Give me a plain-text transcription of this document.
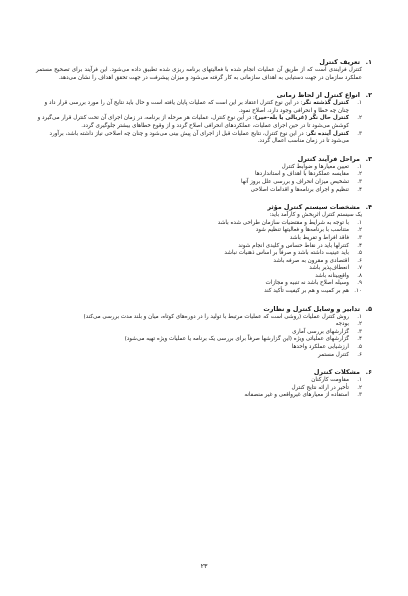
۱.
تعریف کنترل
کنترل فرایندی است که از طریق آن عملیات انجام شده با فعالیتهای برنامه ریزی شده تطبیق داده می‌شود. این فرآیند برای تصحیح مستمر عملکرد سازمان در جهت دستیابی به اهداف سازمانی به کار گرفته می‌شود و میزان پیشرفت در جهت تحقق اهداف را نشان می‌دهد.
۲.
انواع کنترل از لحاظ زمانی
۱.
کنترل گذشته نگر: در این نوع کنترل اعتقاد بر این است که عملیات پایان یافته است و حال باید نتایج آن را مورد بررسی قرار داد و چنان چه خطا و انحرافی وجود دارد، اصلاح نمود.
۲.
کنترل حال نگر (غربالی یا بله-خیر): در این نوع کنترل، عملیات هر مرحله از برنامه، در زمان اجرای آن تحت کنترل قرار می‌گیرد و کوشش می‌شود تا در حین اجرای عملیات، عملکردهای انحرافی اصلاح گردد و از وقوع خطاهای بیشتر جلوگیری گردد.
۳.
کنترل آینده نگر: در این نوع کنترل، نتایج عملیات قبل از اجرای آن پیش بینی می‌شود و چنان چه اصلاحی نیاز داشته باشد، برآورد می‌شود تا در زمان مناسب اعمال گردد.
۳.
مراحل فرآیند کنترل
۱.
تعیین معیارها و ضوابط کنترل
۲.
مقایسه عملکردها با اهداف و استانداردها
۳.
تشخیص میزان انحراف و بررسی علل بروز آنها
۴.
تنظیم و اجرای برنامه‌ها و اقدامات اصلاحی
۴.
مشخصات سیستم کنترل مؤثر
یک سیستم کنترل اثربخش و کارآمد باید:
۱.
با توجه به شرایط و مقتضیات سازمان طراحی شده باشد
۲.
متناسب با برنامه‌ها و فعالیتها تنظیم شود
۳.
فاقد افراط و تفریط باشد
۴.
کنترلها باید در نقاط حساس و کلیدی انجام شوند
۵.
باید عینیت داشته باشد و صرفاً بر اساس ذهنیات نباشد
۶.
اقتصادی و مقرون به صرفه باشد
۷.
انعطاف‌پذیر باشد
۸.
واقع‌بینانه باشد
۹.
وسیله اصلاح باشد نه تنبیه و مجازات
۱۰.
هم بر کمیت و هم بر کیفیت تأکید کند
۵.
تدابیر و وسایل کنترل و نظارت
۱.
روش کنترل عملیات (روشی است که عملیات مرتبط با تولید را در دوره‌های کوتاه، میان و بلند مدت بررسی می‌کند)
۲.
بودجه
۳.
گزارشهای بررسی آماری
۴.
گزارشهای عملیاتی ویژه (این گزارشها صرفاً برای بررسی یک برنامه یا عملیات ویژه تهیه می‌شود)
۵.
ارزشیابی عملکرد واحدها
۶.
کنترل مستمر
۶.
مشکلات کنترل
۱.
مقاومت کارکنان
۲.
تأخیر در ارائه نتایج کنترل
۳.
استفاده از معیارهای غیرواقعی و غیر منصفانه
۲۳
